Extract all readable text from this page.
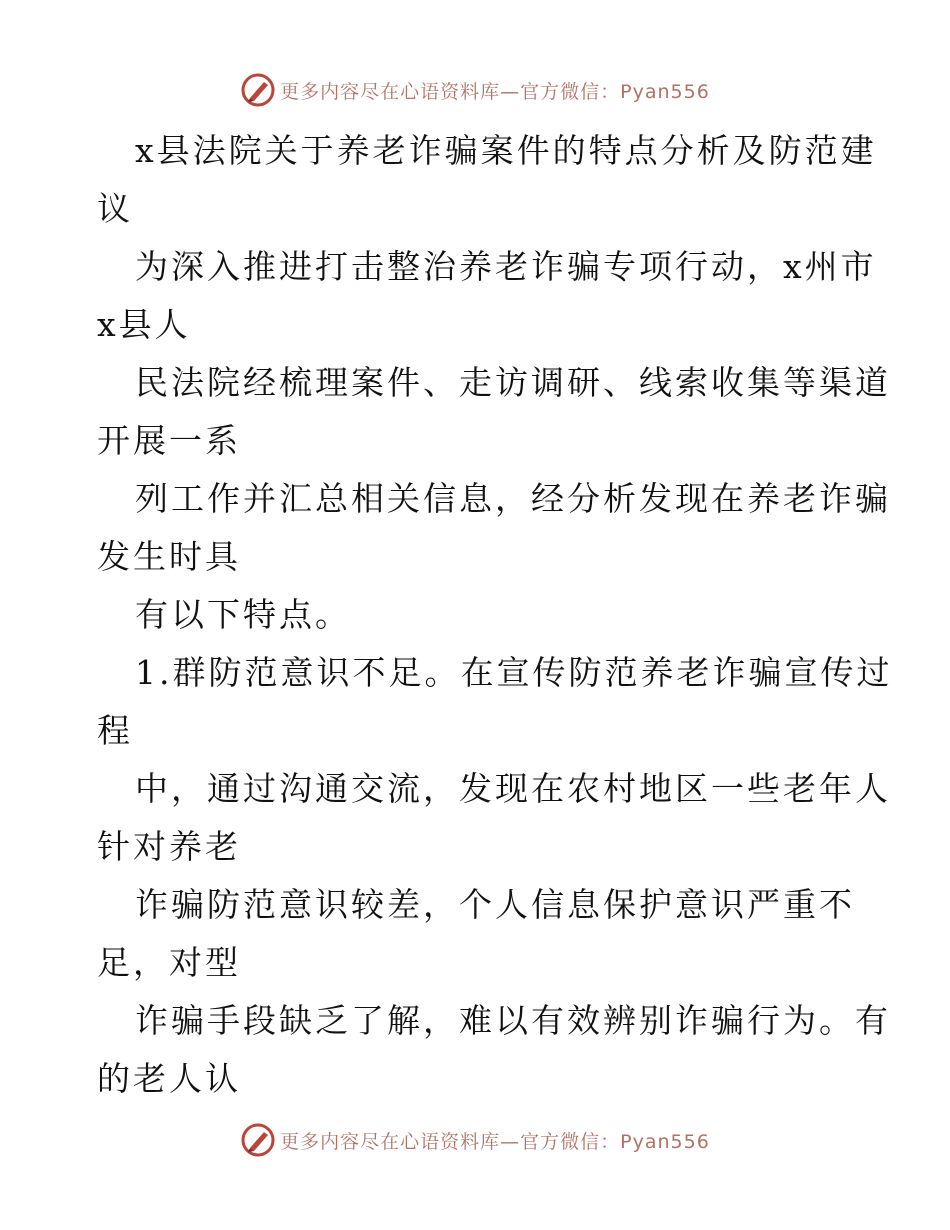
更多内容尽在心语资料库—官方微信：Pyan556
x县法院关于养老诈骗案件的特点分析及防范建
议
为深入推进打击整治养老诈骗专项行动，x州市
x县人
民法院经梳理案件、走访调研、线索收集等渠道
开展一系
列工作并汇总相关信息，经分析发现在养老诈骗
发生时具
有以下特点。
1.群防范意识不足。在宣传防范养老诈骗宣传过
程
中，通过沟通交流，发现在农村地区一些老年人
针对养老
诈骗防范意识较差，个人信息保护意识严重不
足，对型
诈骗手段缺乏了解，难以有效辨别诈骗行为。有
的老人认
更多内容尽在心语资料库—官方微信：Pyan556
